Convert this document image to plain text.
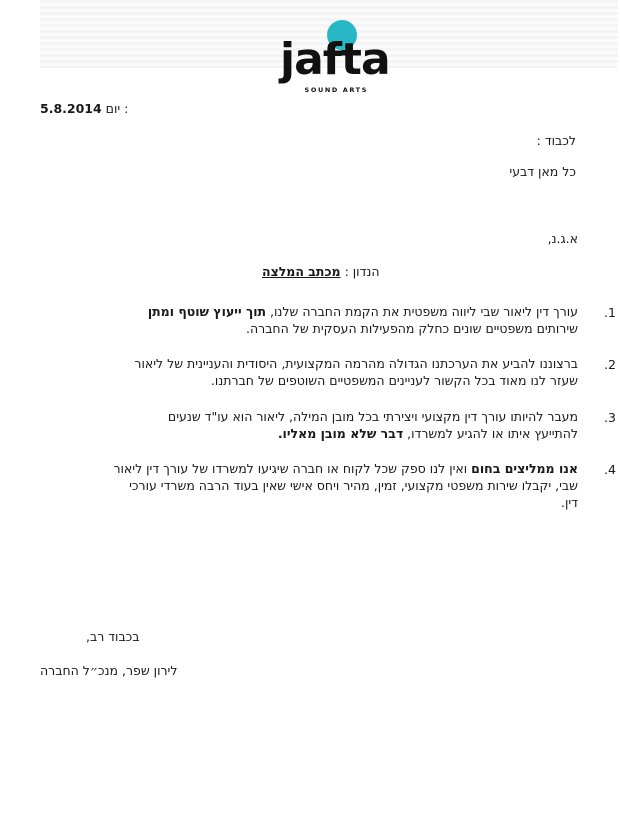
jafta
SOUND ARTS
5.8.2014 יום :
לכבוד :
כל מאן דבעי
א.ג.נ,
הנדון : מכתב המלצה
.1
עורך דין ליאור שבי ליווה משפטית את הקמת החברה שלנו, תוך ייעוץ שוטף ומתן
שירותים משפטיים שונים כחלק מהפעילות העסקית של החברה.
.2
ברצוננו להביע את הערכתנו הגדולה מהרמה המקצועית, היסודית והעניינית של ליאור
שעזר לנו מאוד בכל הקשור לעניינים המשפטיים השוטפים של חברתנו.
.3
מעבר להיותו עורך דין מקצועי ויצירתי בכל מובן המילה, ליאור הוא עו"ד שנעים
להתייעץ איתו או להגיע למשרדו, דבר שלא מובן מאליו.
.4
אנו ממליצים בחום ואין לנו ספק שכל לקוח או חברה שיגיעו למשרדו של עורך דין ליאור
שבי, יקבלו שירות משפטי מקצועי, זמין, מהיר ויחס אישי שאין בעוד הרבה משרדי עורכי
דין.
בכבוד רב,
לירון שפר, מנכ״ל החברה
